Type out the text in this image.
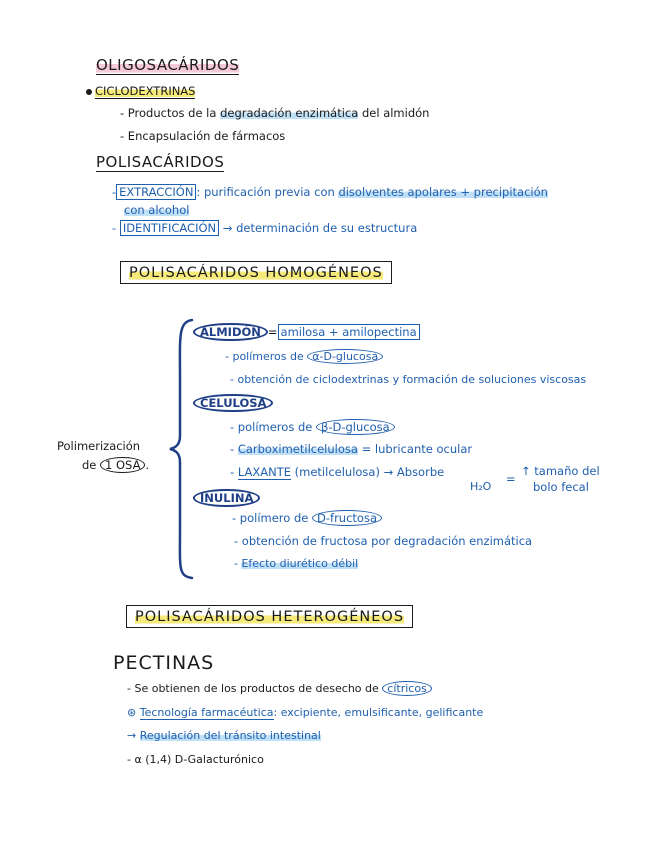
OLIGOSACÁRIDOS
CICLODEXTRINAS
- Productos de la degradación enzimática del almidón
- Encapsulación de fármacos
POLISACÁRIDOS
- EXTRACCIÓN : purificación previa con disolventes apolares + precipitación
con alcohol
- IDENTIFICACIÓN → determinación de su estructura
POLISACÁRIDOS HOMOGÉNEOS
Polimerización
de 1 OSA .
ALMIDÓN = amilosa + amilopectina
- polímeros de α-D-glucosa
- obtención de ciclodextrinas y formación de soluciones viscosas
CELULOSA
- polímeros de β-D-glucosa
- Carboximetilcelulosa = lubricante ocular
- LAXANTE (metilcelulosa) → Absorbe
H₂O
=
↑ tamaño del
bolo fecal
INULINA
- polímero de D-fructosa
- obtención de fructosa por degradación enzimática
- Efecto diurético débil
POLISACÁRIDOS HETEROGÉNEOS
PECTINAS
- Se obtienen de los productos de desecho de cítricos
⊛ Tecnología farmacéutica: excipiente, emulsificante, gelificante
→ Regulación del tránsito intestinal
- α (1,4) D-Galacturónico
